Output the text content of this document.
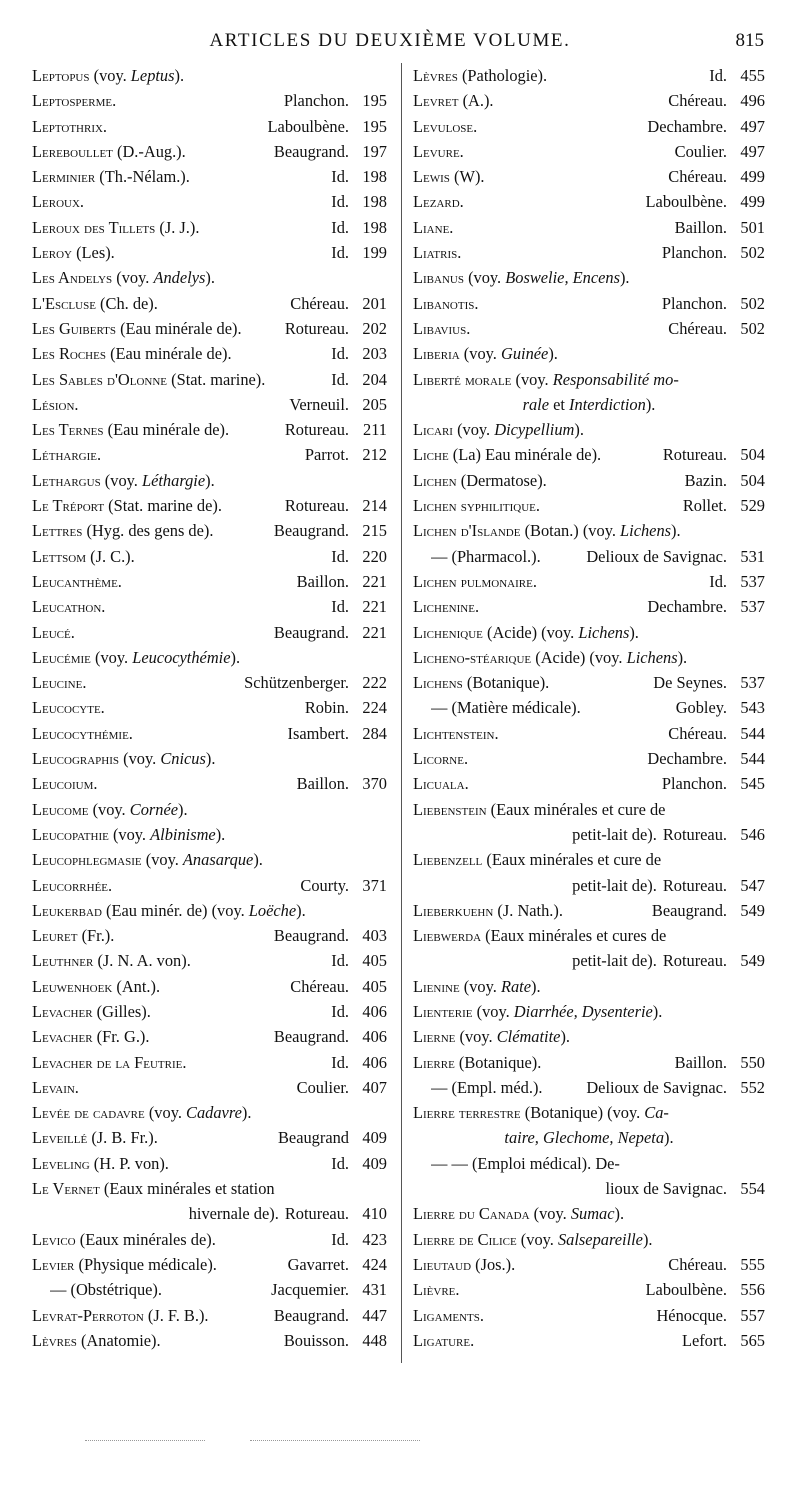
ARTICLES DU DEUXIÈME VOLUME.	815
Leptopus (voy. Leptus).
Leptosperme.	Planchon. 195
Leptothrix.	Laboulbène. 195
Lereboullet (D.-Aug.).	Beaugrand. 197
Lerminier (Th.-Nélam.).	Id. 198
Leroux.	Id. 198
Leroux des Tillets (J. J.).	Id. 198
Leroy (Les).	Id. 199
Les Andelys (voy. Andelys).
L'Escluse (Ch. de).	Chéreau. 201
Les Guiberts (Eau minérale de).	Rotureau. 202
Les Roches (Eau minérale de).	Id. 203
Les Sables d'Olonne (Stat. marine).	Id. 204
Lésion.	Verneuil. 205
Les Ternes (Eau minérale de).	Rotureau. 211
Léthargie.	Parrot. 212
Lethargus (voy. Léthargie).
Le Tréport (Stat. marine de).	Rotureau. 214
Lettres (Hyg. des gens de).	Beaugrand. 215
Lettsom (J. C.).	Id. 220
Leucanthème.	Baillon. 221
Leucathon.	Id. 221
Leucé.	Beaugrand. 221
Leucémie (voy. Leucocythémie).
Leucine.	Schützenberger. 222
Leucocyte.	Robin. 224
Leucocythémie.	Isambert. 284
Leucographis (voy. Cnicus).
Leucoium.	Baillon. 370
Leucome (voy. Cornée).
Leucopathie (voy. Albinisme).
Leucophlegmasie (voy. Anasarque).
Leucorrhée.	Courty. 371
Leukerbad (Eau minér. de) (voy. Loëche).
Leuret (Fr.).	Beaugrand. 403
Leuthner (J. N. A. von).	Id. 405
Leuwenhoek (Ant.).	Chéreau. 405
Levacher (Gilles).	Id. 406
Levacher (Fr. G.).	Beaugrand. 406
Levacher de la Feutrie.	Id. 406
Levain.	Coulier. 407
Levée de cadavre (voy. Cadavre).
Leveillé (J. B. Fr.).	Beaugrand 409
Leveling (H. P. von).	Id. 409
Le Vernet (Eaux minérales et station
hivernale de). Rotureau. 410
Levico (Eaux minérales de).	Id. 423
Levier (Physique médicale).	Gavarret. 424
— (Obstétrique).	Jacquemier. 431
Levrat-Perroton (J. F. B.).	Beaugrand. 447
Lèvres (Anatomie).	Bouisson. 448
Lèvres (Pathologie).	Id. 455
Levret (A.).	Chéreau. 496
Levulose.	Dechambre. 497
Levure.	Coulier. 497
Lewis (W).	Chéreau. 499
Lezard.	Laboulbène. 499
Liane.	Baillon. 501
Liatris.	Planchon. 502
Libanus (voy. Boswelie, Encens).
Libanotis.	Planchon. 502
Libavius.	Chéreau. 502
Liberia (voy. Guinée).
Liberté morale (voy. Responsabilité mo-
rale et Interdiction).
Licari (voy. Dicypellium).
Liche (La) Eau minérale de).	Rotureau. 504
Lichen (Dermatose).	Bazin. 504
Lichen syphilitique.	Rollet. 529
Lichen d'Islande (Botan.) (voy. Lichens).
— (Pharmacol.).	Delioux de Savignac. 531
Lichen pulmonaire.	Id. 537
Lichenine.	Dechambre. 537
Lichenique (Acide) (voy. Lichens).
Licheno-stéarique (Acide) (voy. Lichens).
Lichens (Botanique).	De Seynes. 537
— (Matière médicale).	Gobley. 543
Lichtenstein.	Chéreau. 544
Licorne.	Dechambre. 544
Licuala.	Planchon. 545
Liebenstein (Eaux minérales et cure de
petit-lait de). Rotureau. 546
Liebenzell (Eaux minérales et cure de
petit-lait de). Rotureau. 547
Lieberkuehn (J. Nath.).	Beaugrand. 549
Liebwerda (Eaux minérales et cures de
petit-lait de). Rotureau. 549
Lienine (voy. Rate).
Lienterie (voy. Diarrhée, Dysenterie).
Lierne (voy. Clématite).
Lierre (Botanique).	Baillon. 550
— (Empl. méd.).	Delioux de Savignac. 552
Lierre terrestre (Botanique) (voy. Ca-
taire, Glechome, Nepeta).
— — (Emploi médical). De-
lioux de Savignac. 554
Lierre du Canada (voy. Sumac).
Lierre de Cilice (voy. Salsepareille).
Lieutaud (Jos.).	Chéreau. 555
Lièvre.	Laboulbène. 556
Ligaments.	Hénocque. 557
Ligature.	Lefort. 565
